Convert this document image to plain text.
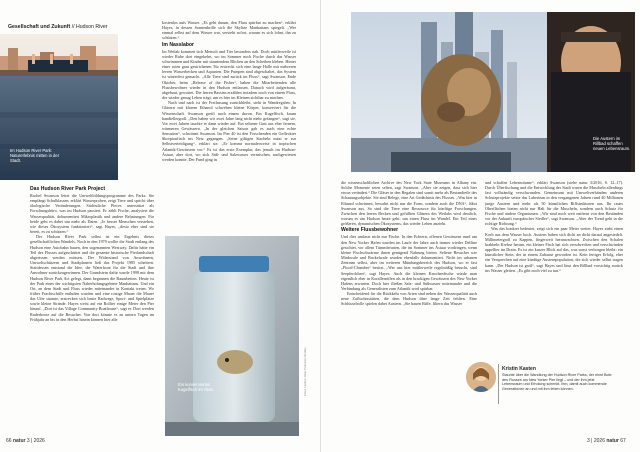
Gesellschaft und Zukunft // Hudson River
Im Hudson River Park: Naturerlebnis mitten in der Stadt.
Das Hudson River Park Project

Rachel Swanson leitet die Umweltbildungsprogramme des Parks. Sie empfängt Schulklassen, erklärt Wasserproben, zeigt Tiere und spricht über ökologische Veränderungen. Südöstliche Pieces unterstützt als Forschungsbüro, was im Hudson passiert: Er zählt Fische, analysiert die Wasserqualität, dokumentiert Mikroplastik und andere Belastungen. Für beide geht es dabei um mehr als Daten. „Je besser Menschen verstehen, wie dieses Ökosystem funktioniert“, sagt Hayes, „desto eher sind sie bereit, es zu schützen.“

Der Hudson River Park selbst ist ein Ergebnis dieses gesellschaftlichen Wandels. Noch in den 1970 wollte die Stadt entlang des Hudson eine Autobahn bauen, den sogenannten Westway. Dafür hätte ein Teil des Flusses aufgeschüttet und die gesamte historische Pierlandschaft abgerissen werden müssen. Der Widerstand von Anwohnern, Umweltschützern und Stadtplanern ließ das Projekt 1985 scheitern. Stattdessen entstand die Idee, die Waterfront für die Stadt und ihre Anwohner zurückzugewinnen. Der Grundstein dafür wurde 1998 mit dem Hudson River Park Act gelegt, dann begannen die Bauarbeiten. Heute ist der Park eines der wichtigsten Naherholungsgebiete Manhattans. Und ein Ort, an dem Stadt und Fluss wieder miteinander in Kontakt treten. Wo früher Frachtschiffe entluden wurden und eine rostige Mauer die Mauer das Ufer säumte, erstrecken sich heute Radwege, Sport- und Spielplätze sowie kleine Strände. Hayes weist auf ein Rollter einige Meter den Pier hinauf. „Dort ist das Village Community Boathouse“, sagt er. Dort werden Ruderboote auf die Besucher. Von dort könnte es zu untern Tagen im Frühjahr an bis in den Herbst hinein können hier alle

kostenlos aufs Wasser. „Es geht darum, den Fluss spürbar zu machen“, erklärt Hayes, in dessen Sonnenbrille sich die Skyline Manhattans spiegelt. „Wer einmal selbst auf dem Wasser war, versteht sofort, warum es sich lohnt, ihn zu schützen.“

Im Nasslabor

Im Wetlab kommen sich Mensch und Tier besonders nah. Doch mittlerweile ist wieder Ruhe dort eingekehrt, wo im Sommer noch Fische durch das Wasser schwimmen und Kinder mit staunendem Blicken an den Scheiben kleben. Hinter einer roten grau gestrichenen Tür erstreckt sich eine lange Halle mit mehreren leeren Wasserbecken und Aquarien. Die Pumpen sind abgeschaltet, das System ist winterfest gemacht. „Alle Tiere sind zurück im Fluss“, sagt Swanson. Ende Oktober, beim „Release of the Fishes“, haben die Mitarbeitenden alle Flussbewohner wieder in den Hudson entlassen. Danach wird aufgeräumt, abgebaut, gewartet. Die leeren Bassins erzählen trotzdem noch von einem Fluss, der wieder genug Leben trägt, um es hier im Kleinen sichtbar zu machen.

Nach und nach ist der Freilassung zurückbleibt, steht in Wandregalen: In Gläsern mit klarem Ethanol schweben kleine Körper, konserviert für die Wissenschaft. Swanson greift nach einem davon. Ein Kugelfisch, kaum handtellergroß. „Den haben wir zwei Jahre lang nicht mehr gefangen“, sagt sie. Vor zwei Jahren tauchte er dann wieder auf. Ein seltener Gast aus eher fernem, wärmeren Gewässern. „In der gleichen Saison gab es auch eine echte Sensation“, schwärmt Swanson. Im Pier 40 ist den Forschenden ein Gefleckter Skorpionfisch ins Netz gegangen. „Seine giftigen Stacheln nutzt er zur Selbstverteidigung“, erklärt sie. „Er kommt normalerweise in tropischen Atlantik-Gewässern vor.“ Es ist das erste Exemplar, das jemals im Hudson-Ästuar, aber dort, wo sich Süß- und Salzwasser vermischen, nachgewiesen werden konnte. Der Fund ging in

Ein konserviertes Kugelfisch im Glas.	Fotos: Hudson River Park/Lisa Woolley
66 natur 3 | 2026
Die Austern im Rillbad schaffen neuen Lebensraum.

die wissenschaftlichen Archive des New York State Museums in Albany ein. Solche Momente seien selten, sagt Swanson. „Aber sie zeigen, dass sich hier etwas verändert.“ Die Gläser in den Regalen sind somit mehr als Bestandteile des Schauungsobjekte. Sie sind Belege, eine Art Gedächtnis des Flusses. „Was hier in Ethanol schwimmt, bewahrt nicht nur die Form, sondern auch die DNA“, führt Swanson aus. So sind die Tiere eine Ressource für künftige Forschungen. Zwischen den leeren Becken und gefüllten Gläsern des Wetlabs wird deutlich, worum es am Hudson heute geht: um einen Fluss im Wandel. Ein Teil eines größeren, dynamischen Ökosystems, das wieder Leben anzieht.

Weitere Flussbewohner

Und dies umfasst nicht nur Fische. In den Echtern, offenen Gewässern rund um den New Yorker Hafen wurden im Laufe der Jahre auch immer wieder Delfine gesichtet, vor allem Tümmlerarten, die im Sommer ins Ästuar vordringen, wenn kleine Fischschwärme ihnen genügend Nahrung bieten. Seltene Besucher wie Minkwale und Buckelwale wurden ebenfalls dokumentiert. Nicht im urbanen Zentrum selbst, aber im weiteren Mündungsbereich des Hudson, wo er fast „Flood-Chamber“ besitzt. „Wer uns hier mittlerweile regelmäßig besucht, sind Seepferdchen“, sagt Hayes. Auch die kleinen Knochenfische würde man eigentlich eher in Korallenriffen als in den brackigen Gewässern des New Yorker Hafens erwarten. Doch hier fließen Salz- und Süßwasser miteinander und die Verbindung als Generalisten zum Atlantik wird spürbar.

Entscheidend für die Rückkehr von Arten sind neben der Wasserqualität auch neue Zufluchtsstätten, die dem Hudson über lange Zeit fehlten. Eine Schlüsselrolle spielen dabei Austern. „Sie bauen Riffe, filtern das Wasser

und schaffen Lebensräume“, erklärt Swanson (siehe natur 3/2016, S. 12–17). Durch Überfischung und die Entwicklung der Stadt waren die Muscheln allerdings fast vollständig verschwunden. Gemeinsam mit Umweltverbänden anderen Schutzprojekte setzte das Labertean in den vergangenen Jahren rund 40 Millionen junge Austern und mehr als 50 künstlichen Riffstrukturen aus. Ihr raues Oberflächen bieten nicht nur Halt für die Muscheln, sondern auch Schutz für Fische und andere Organismen. „Wir sind noch weit entfernt von den Beständen vor der Ankunft europäischer Siedler“, sagt Swanson. „Aber der Trend geht in die richtige Richtung.“

Was das konkret bedeutet, zeigt sich ein paar Meter weiter. Hayes zieht einen Korb aus dem Wasser hoch. Austern haben sich dicht an dicht darauf angesiedelt. Millimetergroß zu Kappen, fingerweit heranwachsen. Zwischen den Schalen krabbeln Krebse herum, ein kleiner Fisch hat sich verschrecken und verschwinden appellier im Drain. Es ist ein kurzer Blick auf das, was sonst verborgen bleibt: ein künstlicher Stein, der in einem Zuhause geworden ist. Kein fertiger Erfolg, eher ein Versprechen auf eine künftige Austernpopulation, die sich wieder selbst tragen kann. „Der Hudson ist groß“, sagt Hayes und lässt den Rillbad vorsichtig zurück ins Wasser gleiten. „Es gibt noch viel zu tun.“

3 | 2026 natur 67
Kristin Kasten
Staunte über die Wandlung der Hudson River Parks, der einst Bote des Flusses am New Yorker Pier liegt – und der ihm jetzt Lebensraum und Erholung schenkt. Ihm, damit auch kommende Generationen an und mit ihm leben können.
